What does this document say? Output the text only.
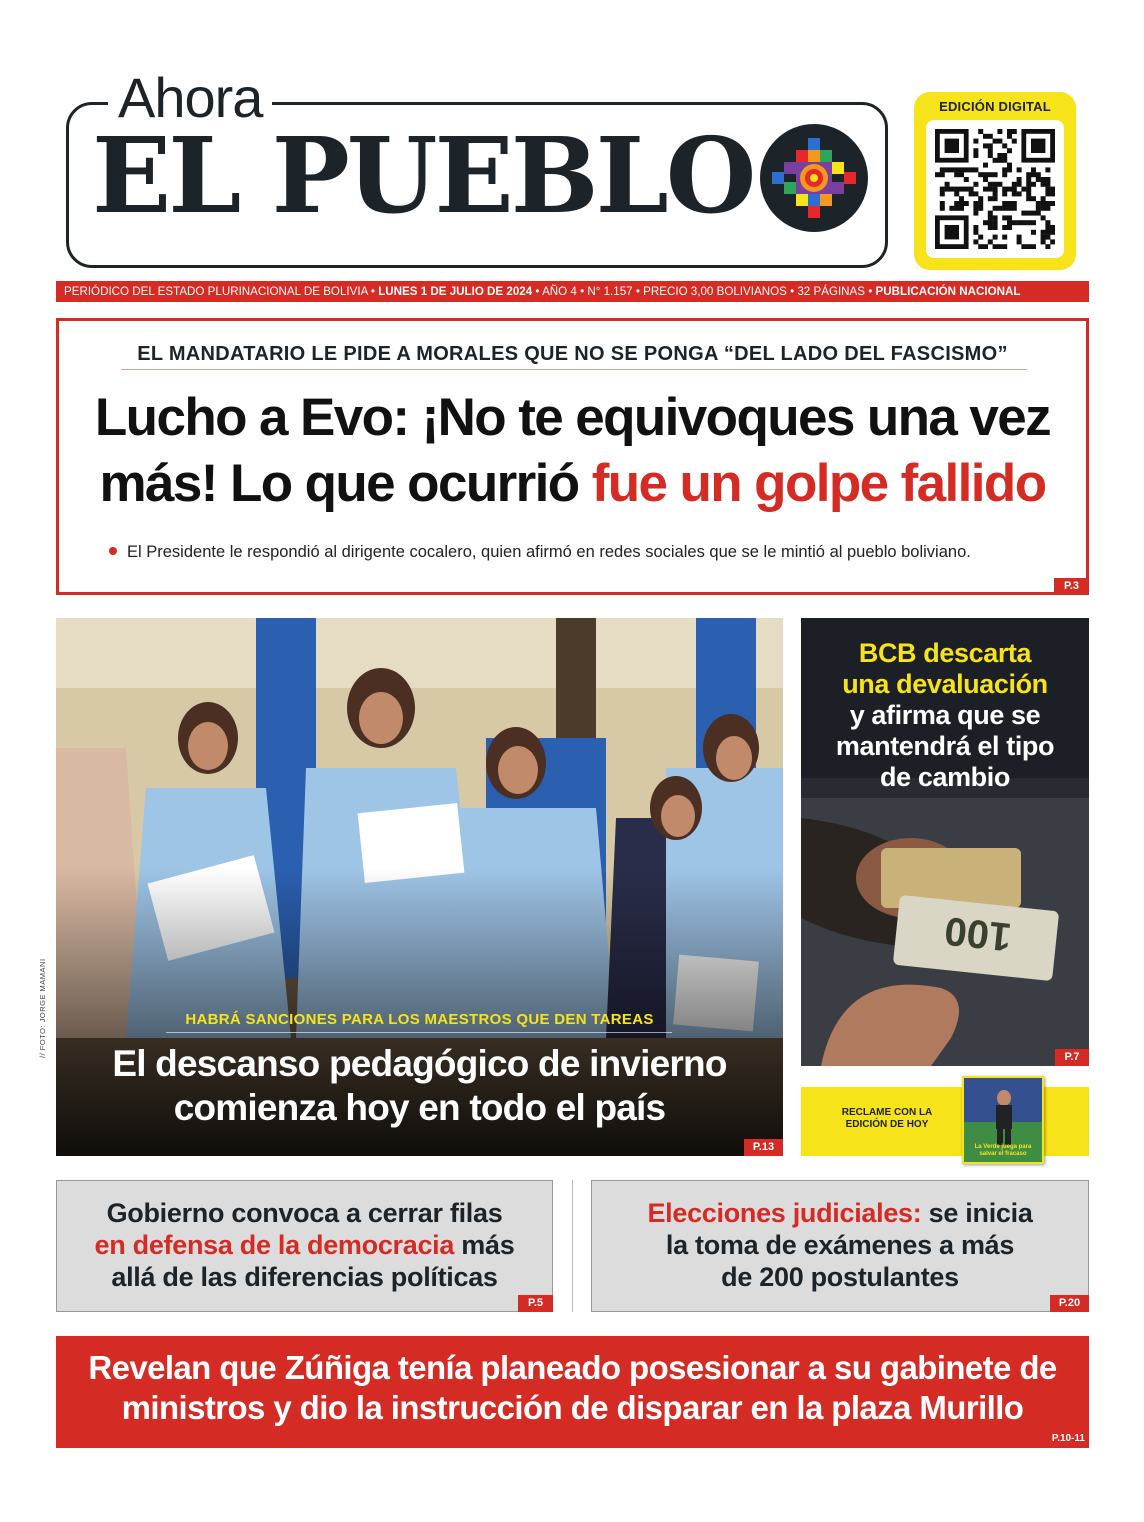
Ahora
EL PUEBLO
EDICIÓN DIGITAL
PERIÓDICO DEL ESTADO PLURINACIONAL DE BOLIVIA • LUNES 1 DE JULIO DE 2024 • AÑO 4 • N° 1.157 • PRECIO 3,00 BOLIVIANOS • 32 PÁGINAS • PUBLICACIÓN NACIONAL
EL MANDATARIO LE PIDE A MORALES QUE NO SE PONGA “DEL LADO DEL FASCISMO”
Lucho a Evo: ¡No te equivoques una vez
más! Lo que ocurrió fue un golpe fallido
El Presidente le respondió al dirigente cocalero, quien afirmó en redes sociales que se le mintió al pueblo boliviano.
P.3
HABRÁ SANCIONES PARA LOS MAESTROS QUE DEN TAREAS
El descanso pedagógico de invierno
comienza hoy en todo el país
P.13
// FOTO: JORGE MAMANI
100
BCB descarta
una devaluación
y afirma que se
mantendrá el tipo
de cambio
P.7
RECLAME CON LA EDICIÓN DE HOY
La Verde juega para salvar el fracaso
Gobierno convoca a cerrar filas
en defensa de la democracia más
allá de las diferencias políticas
P.5
Elecciones judiciales: se inicia
la toma de exámenes a más
de 200 postulantes
P.20
Revelan que Zúñiga tenía planeado posesionar a su gabinete de
ministros y dio la instrucción de disparar en la plaza Murillo
P.10-11
